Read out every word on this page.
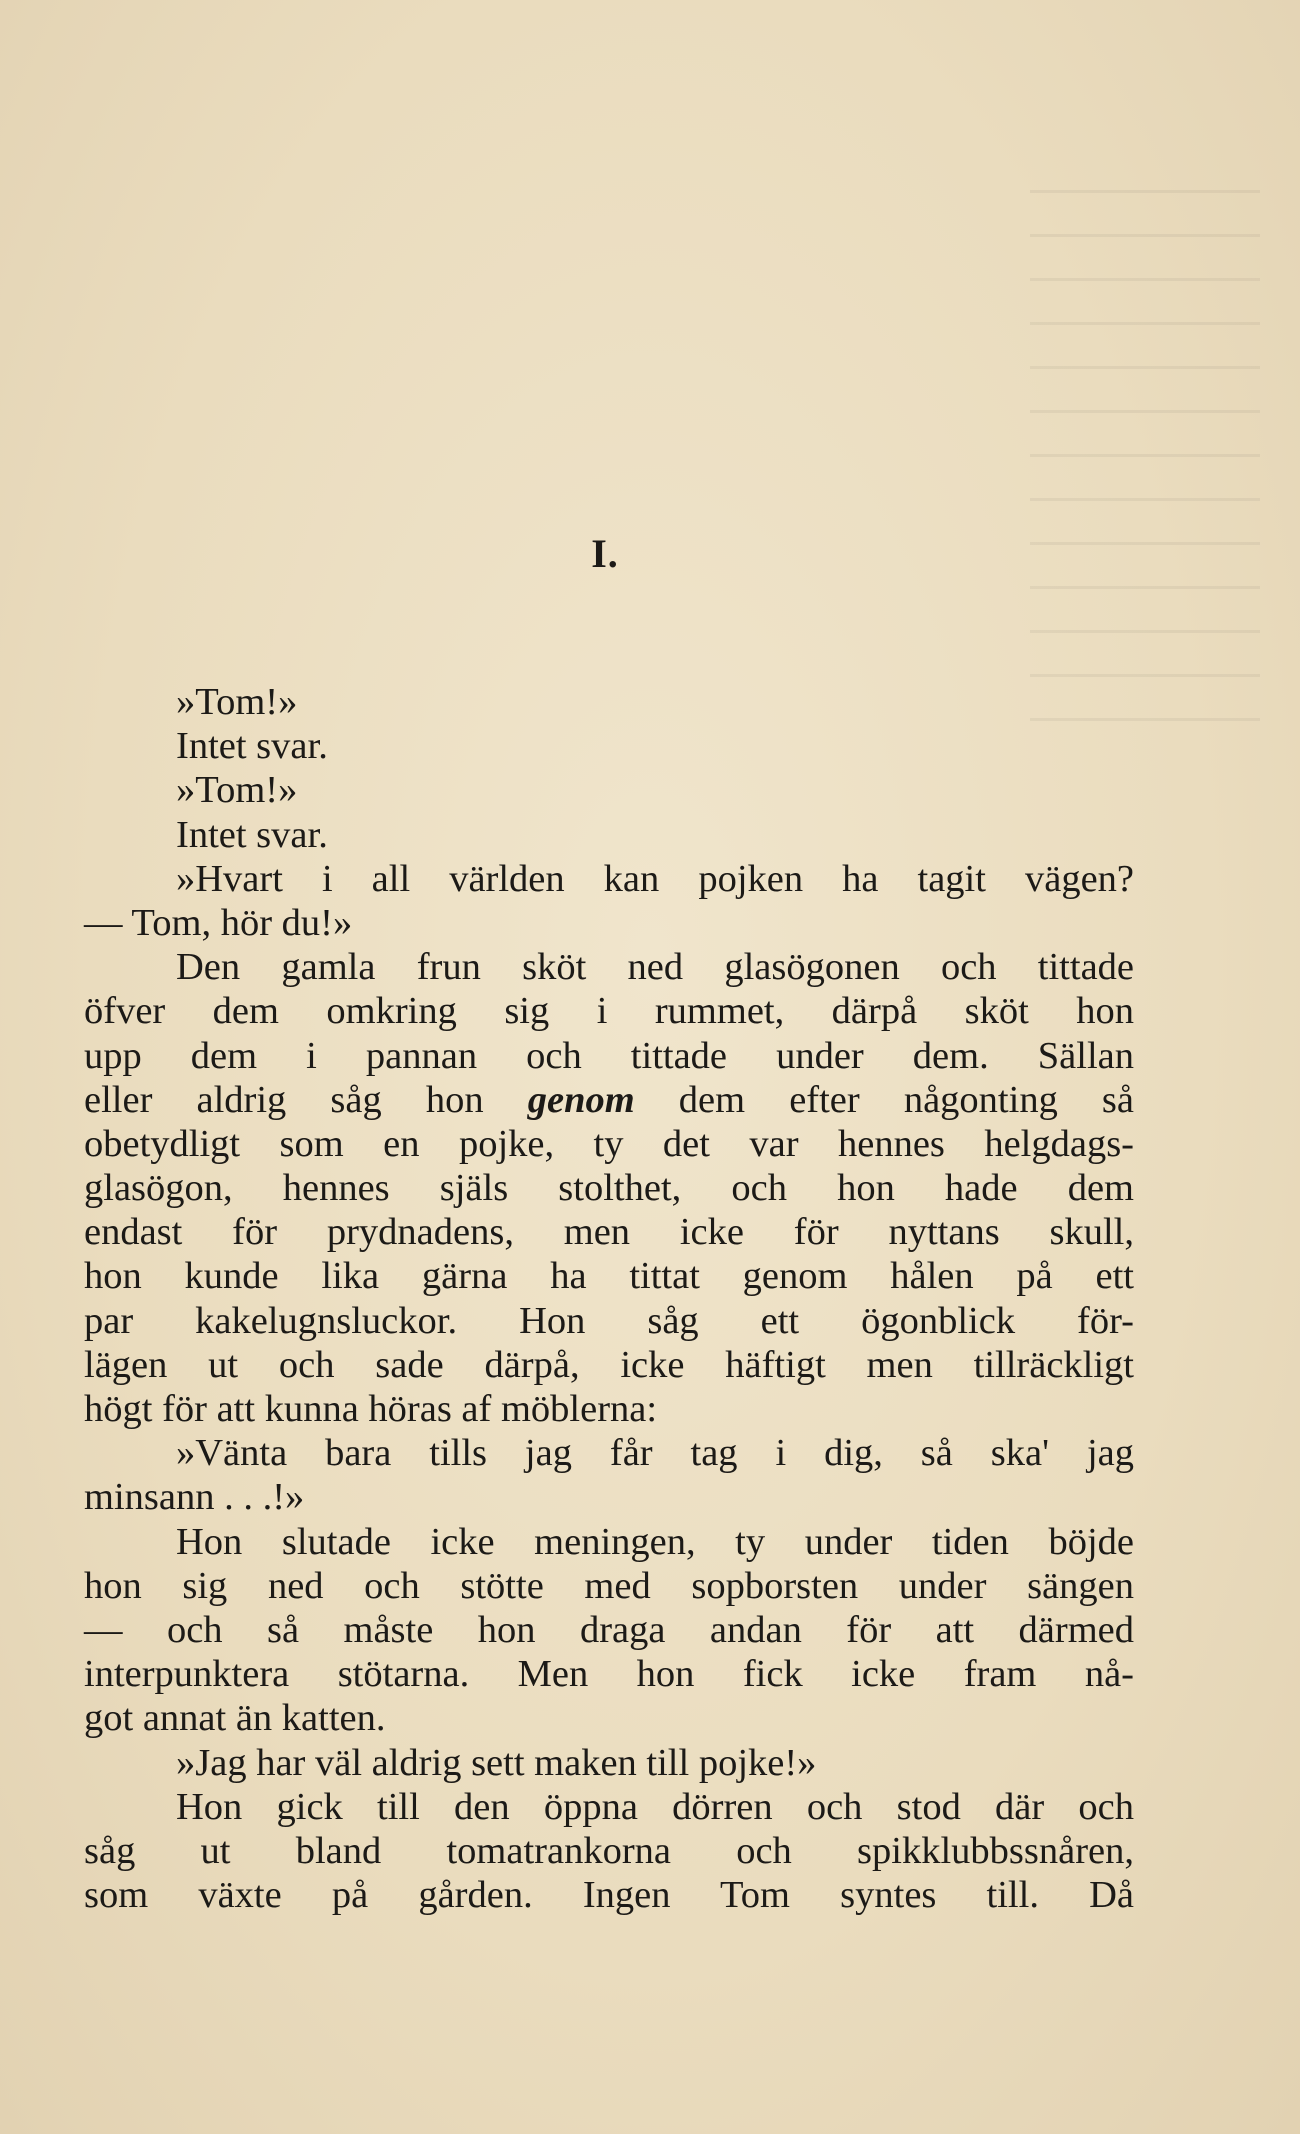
I.
»Tom!»
Intet svar.
»Tom!»
Intet svar.
»Hvart i all världen kan pojken ha tagit vägen?
— Tom, hör du!»
Den gamla frun sköt ned glasögonen och tittade
öfver dem omkring sig i rummet, därpå sköt hon
upp dem i pannan och tittade under dem. Sällan
eller aldrig såg hon genom dem efter någonting så
obetydligt som en pojke, ty det var hennes helgdags-
glasögon, hennes själs stolthet, och hon hade dem
endast för prydnadens, men icke för nyttans skull,
hon kunde lika gärna ha tittat genom hålen på ett
par kakelugnsluckor. Hon såg ett ögonblick för-
lägen ut och sade därpå, icke häftigt men tillräckligt
högt för att kunna höras af möblerna:
»Vänta bara tills jag får tag i dig, så ska' jag
minsann . . .!»
Hon slutade icke meningen, ty under tiden böjde
hon sig ned och stötte med sopborsten under sängen
— och så måste hon draga andan för att därmed
interpunktera stötarna. Men hon fick icke fram nå-
got annat än katten.
»Jag har väl aldrig sett maken till pojke!»
Hon gick till den öppna dörren och stod där och
såg ut bland tomatrankorna och spikklubbssnåren,
som växte på gården. Ingen Tom syntes till. Då
